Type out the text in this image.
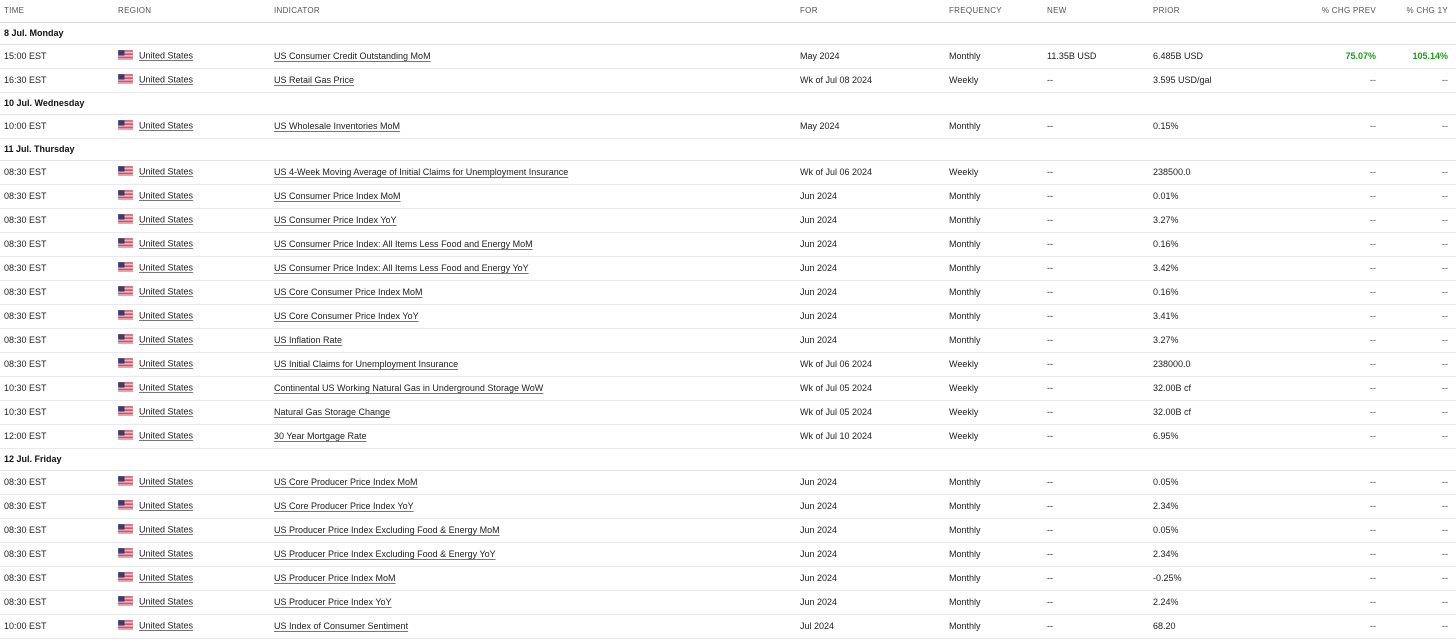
TIME		REGION	INDICATOR	FOR	FREQUENCY	NEW	PRIOR	% CHG PREV	% CHG 1Y
8 Jul. Monday									
15:00 EST		United States	US Consumer Credit Outstanding MoM	May 2024	Monthly	11.35B USD	6.485B USD	75.07%	105.14%
16:30 EST		United States	US Retail Gas Price	Wk of Jul 08 2024	Weekly	--	3.595 USD/gal	--	--
10 Jul. Wednesday									
10:00 EST		United States	US Wholesale Inventories MoM	May 2024	Monthly	--	0.15%	--	--
11 Jul. Thursday									
08:30 EST		United States	US 4-Week Moving Average of Initial Claims for Unemployment Insurance	Wk of Jul 06 2024	Weekly	--	238500.0	--	--
08:30 EST		United States	US Consumer Price Index MoM	Jun 2024	Monthly	--	0.01%	--	--
08:30 EST		United States	US Consumer Price Index YoY	Jun 2024	Monthly	--	3.27%	--	--
08:30 EST		United States	US Consumer Price Index: All Items Less Food and Energy MoM	Jun 2024	Monthly	--	0.16%	--	--
08:30 EST		United States	US Consumer Price Index: All Items Less Food and Energy YoY	Jun 2024	Monthly	--	3.42%	--	--
08:30 EST		United States	US Core Consumer Price Index MoM	Jun 2024	Monthly	--	0.16%	--	--
08:30 EST		United States	US Core Consumer Price Index YoY	Jun 2024	Monthly	--	3.41%	--	--
08:30 EST		United States	US Inflation Rate	Jun 2024	Monthly	--	3.27%	--	--
08:30 EST		United States	US Initial Claims for Unemployment Insurance	Wk of Jul 06 2024	Weekly	--	238000.0	--	--
10:30 EST		United States	Continental US Working Natural Gas in Underground Storage WoW	Wk of Jul 05 2024	Weekly	--	32.00B cf	--	--
10:30 EST		United States	Natural Gas Storage Change	Wk of Jul 05 2024	Weekly	--	32.00B cf	--	--
12:00 EST		United States	30 Year Mortgage Rate	Wk of Jul 10 2024	Weekly	--	6.95%	--	--
12 Jul. Friday									
08:30 EST		United States	US Core Producer Price Index MoM	Jun 2024	Monthly	--	0.05%	--	--
08:30 EST		United States	US Core Producer Price Index YoY	Jun 2024	Monthly	--	2.34%	--	--
08:30 EST		United States	US Producer Price Index Excluding Food & Energy MoM	Jun 2024	Monthly	--	0.05%	--	--
08:30 EST		United States	US Producer Price Index Excluding Food & Energy YoY	Jun 2024	Monthly	--	2.34%	--	--
08:30 EST		United States	US Producer Price Index MoM	Jun 2024	Monthly	--	-0.25%	--	--
08:30 EST		United States	US Producer Price Index YoY	Jun 2024	Monthly	--	2.24%	--	--
10:00 EST		United States	US Index of Consumer Sentiment	Jul 2024	Monthly	--	68.20	--	--
